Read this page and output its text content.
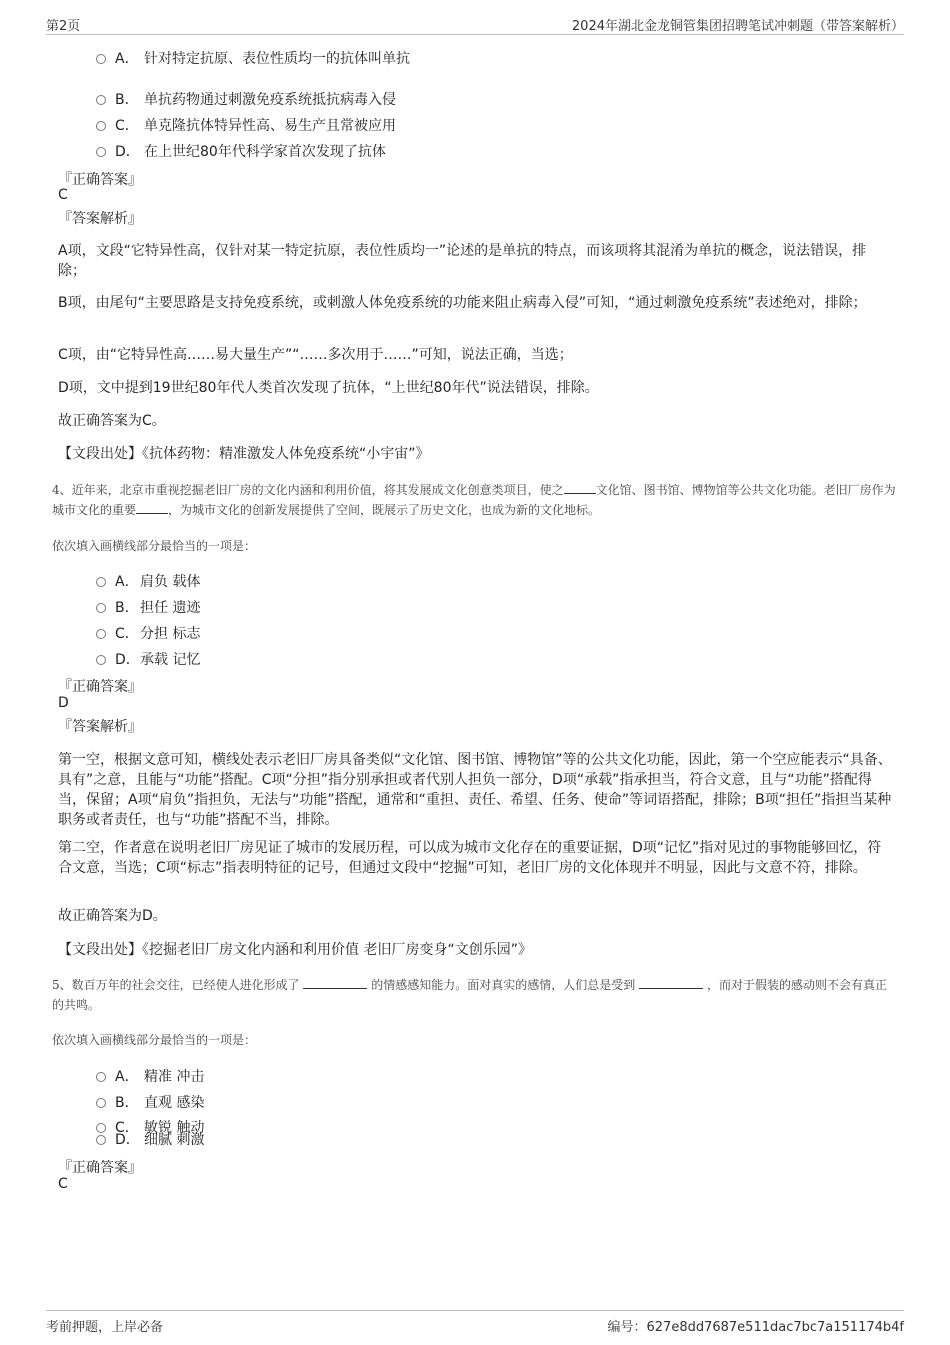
第2页	2024年湖北金龙铜管集团招聘笔试冲刺题（带答案解析）
A． 针对特定抗原、表位性质均一的抗体叫单抗
B． 单抗药物通过刺激免疫系统抵抗病毒入侵
C． 单克隆抗体特异性高、易生产且常被应用
D． 在上世纪80年代科学家首次发现了抗体
『正确答案』
C
『答案解析』
A项，文段“它特异性高，仅针对某一特定抗原，表位性质均一”论述的是单抗的特点，而该项将其混淆为单抗的概念，说法错误，排除；
B项，由尾句“主要思路是支持免疫系统，或刺激人体免疫系统的功能来阻止病毒入侵”可知，“通过刺激免疫系统”表述绝对，排除；
C项，由“它特异性高……易大量生产”“……多次用于……”可知，说法正确，当选；
D项，文中提到19世纪80年代人类首次发现了抗体，“上世纪80年代”说法错误，排除。
故正确答案为C。
【文段出处】《抗体药物：精准激发人体免疫系统“小宇宙”》
4、近年来，北京市重视挖掘老旧厂房的文化内涵和利用价值，将其发展成文化创意类项目，使之	文化馆、图书馆、博物馆等公共文化功能。老旧厂房作为城市文化的重要	，为城市文化的创新发展提供了空间，既展示了历史文化，也成为新的文化地标。
依次填入画横线部分最恰当的一项是：
A． 肩负 载体
B． 担任 遗迹
C． 分担 标志
D． 承载 记忆
『正确答案』
D
『答案解析』
第一空，根据文意可知，横线处表示老旧厂房具备类似“文化馆、图书馆、博物馆”等的公共文化功能，因此，第一个空应能表示“具备、具有”之意，且能与“功能”搭配。C项“分担”指分别承担或者代别人担负一部分，D项“承载”指承担当，符合文意，且与“功能”搭配得当，保留；A项“肩负”指担负，无法与“功能”搭配，通常和“重担、责任、希望、任务、使命”等词语搭配，排除；B项“担任”指担当某种职务或者责任，也与“功能”搭配不当，排除。
第二空，作者意在说明老旧厂房见证了城市的发展历程，可以成为城市文化存在的重要证据，D项“记忆”指对见过的事物能够回忆，符合文意，当选；C项“标志”指表明特征的记号，但通过文段中“挖掘”可知，老旧厂房的文化体现并不明显，因此与文意不符，排除。
故正确答案为D。
【文段出处】《挖掘老旧厂房文化内涵和利用价值 老旧厂房变身“文创乐园”》
5、数百万年的社会交往，已经使人进化形成了	的情感感知能力。面对真实的感情，人们总是受到	，而对于假装的感动则不会有真正的共鸣。
依次填入画横线部分最恰当的一项是：
A． 精准 冲击
B． 直观 感染
C． 敏锐 触动
D． 细腻 刺激
『正确答案』
C
考前押题，上岸必备	编号：627e8dd7687e511dac7bc7a151174b4f
